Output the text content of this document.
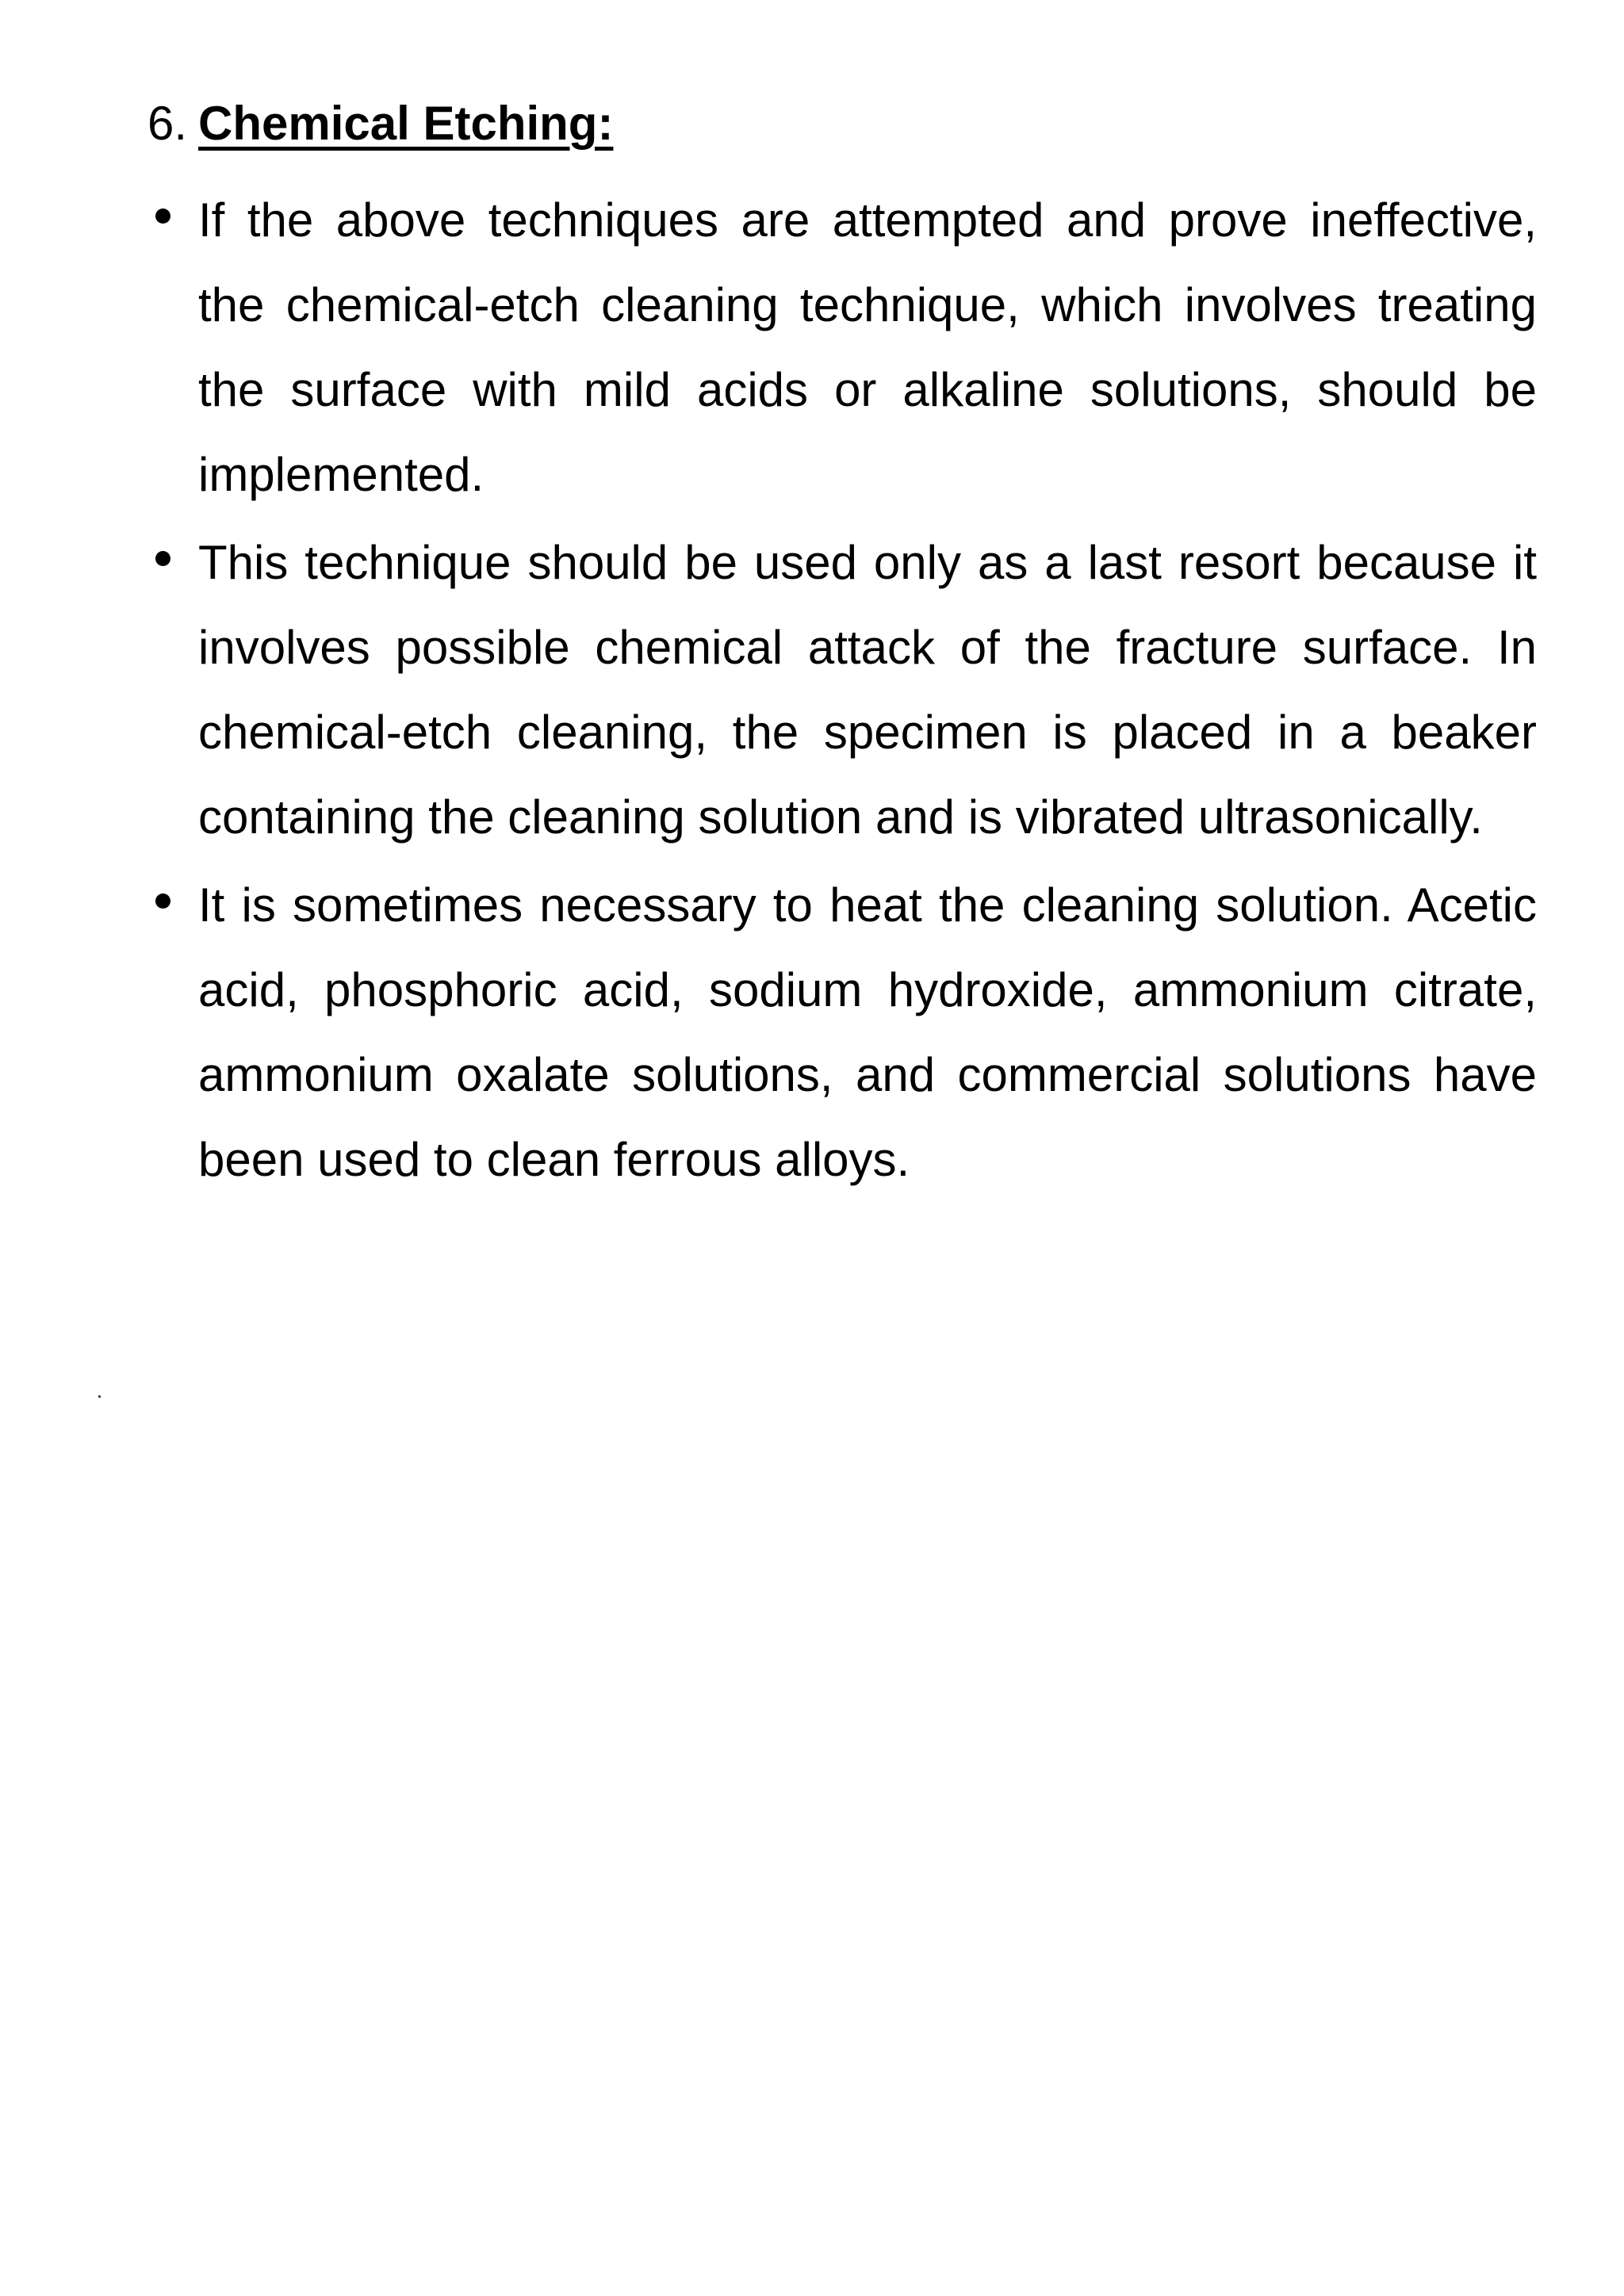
6. Chemical Etching:
If the above techniques are attempted and prove ineffective, the chemical-etch cleaning technique, which involves treating the surface with mild acids or alkaline solutions, should be implemented.
This technique should be used only as a last resort because it involves possible chemical attack of the fracture surface. In chemical-etch cleaning, the specimen is placed in a beaker containing the cleaning solution and is vibrated ultrasonically.
It is sometimes necessary to heat the cleaning solution. Acetic acid, phosphoric acid, sodium hydroxide, ammonium citrate, ammonium oxalate solutions, and commercial solutions have been used to clean ferrous alloys.
